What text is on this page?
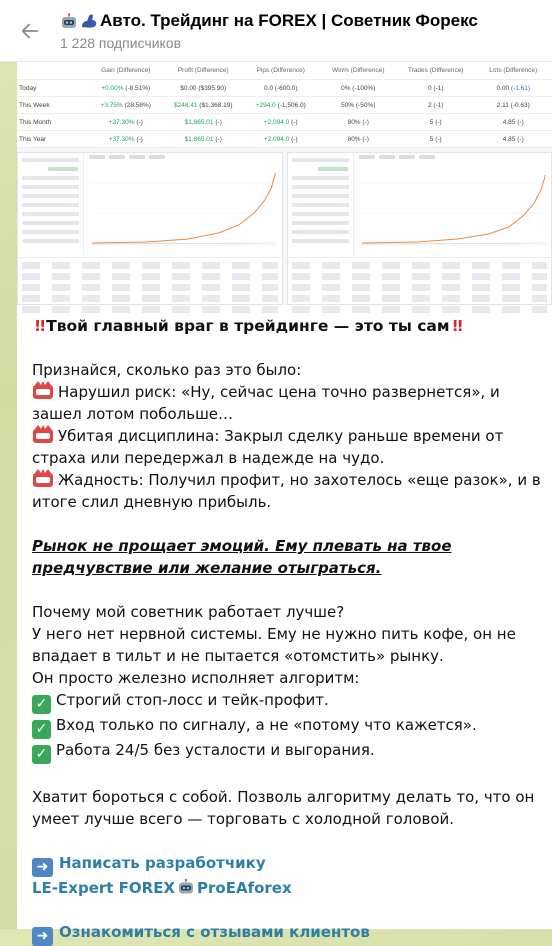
Авто. Трейдинг на FOREX | Советник Форекс
1 228 подписчиков
Gain (Difference)	Profit (Difference)	Pips (Difference)	Win% (Difference)	Trades (Difference)	Lots (Difference)
Today	+0.00% (-8.51%)	$0.00 ($395.90)	0.0 (-600.0)	0% (-100%)	0 (-1)	0.00 (-1.61)
This Week	+3.75% (28.58%)	$248.41 ($1,368.19)	+294.0 (-1,506.0)	50% (-50%)	2 (-1)	2.11 (-0.63)
This Month	+37.30% (-)	$1,865.01 (-)	+2,094.0 (-)	80% (-)	5 (-)	4.85 (-)
This Year	+37.30% (-)	$1,865.01 (-)	+2,094.0 (-)	80% (-)	5 (-)	4.85 (-)
!! Твой главный враг в трейдинге — это ты сам !!
Признайся, сколько раз это было:
Нарушил риск: «Ну, сейчас цена точно развернется», и зашел лотом побольше…
Убитая дисциплина: Закрыл сделку раньше времени от страха или передержал в надежде на чудо.
Жадность: Получил профит, но захотелось «еще разок», и в итоге слил дневную прибыль.
Рынок не прощает эмоций. Ему плевать на твое предчувствие или желание отыграться.
Почему мой советник работает лучше?
У него нет нервной системы. Ему не нужно пить кофе, он не впадает в тильт и не пытается «отомстить» рынку.
Он просто железно исполняет алгоритм:
✓ Строгий стоп-лосс и тейк-профит.
✓ Вход только по сигналу, а не «потому что кажется».
✓ Работа 24/5 без усталости и выгорания.
Хватит бороться с собой. Позволь алгоритму делать то, что он умеет лучше всего — торговать с холодной головой.
➜ Написать разработчику
LE-Expert FOREX ProEAforex
➜ Ознакомиться с отзывами клиентов
